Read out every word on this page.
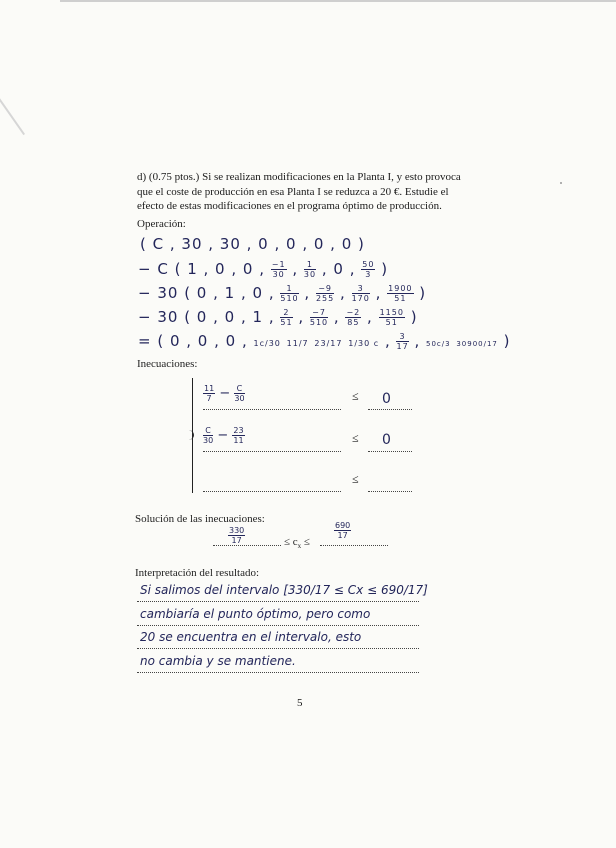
d) (0.75 ptos.) Si se realizan modificaciones en la Planta I, y esto provoca
que el coste de producción en esa Planta I se reduzca a 20 €. Estudie el
efecto de estas modificaciones en el programa óptimo de producción.
Operación:
( C , 30 , 30 , 0 , 0 , 0 , 0 )
− C ( 1 , 0 , 0 , $\frac{-1}{30}$ , $\frac{1}{30}$ , 0 , $\frac{50}{3}$ )
− 30 ( 0 , 1 , 0 , $\frac{1}{510}$ , $\frac{-9}{255}$ , $\frac{3}{170}$ , $\frac{1900}{51}$ )
− 30 ( 0 , 0 , 1 , $\frac{2}{51}$ , $\frac{-7}{510}$ , $\frac{-2}{85}$ , $\frac{1150}{51}$ )
= ( 0 , 0 , 0 , 1c/30 11/7 23/17 1/30 c , $\frac{3}{17}$ , 50c/3 30900/17 )
Inecuaciones:
$\frac{11}{7} - \frac{C}{30}$	≤ 0
$\frac{C}{30} - \frac{23}{11}$	≤ 0
≤
Solución de las inecuaciones:
$\frac{330}{17}$	≤ $c_x$ ≤
$\frac{690}{17}$
Interpretación del resultado:
Si salimos del intervalo [330/17 ≤ Cx ≤ 690/17]
cambiaría el punto óptimo, pero como
20 se encuentra en el intervalo, esto
no cambia y se mantiene.
5
